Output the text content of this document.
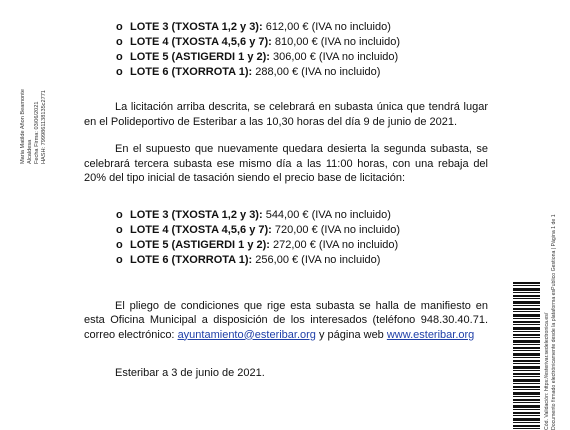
Maria Matilde Añon Beamonte Alcaldesa Fecha Firma: 03/06/2021 HASH: 7999861138135c2771
o LOTE 3 (TXOSTA 1,2 y 3): 612,00 € (IVA no incluido)
o LOTE 4 (TXOSTA 4,5,6 y 7): 810,00 € (IVA no incluido)
o LOTE 5 (ASTIGERDI 1 y 2): 306,00 € (IVA no incluido)
o LOTE 6 (TXORROTA 1): 288,00 € (IVA no incluido)

La licitación arriba descrita, se celebrará en subasta única que tendrá lugar en el Polideportivo de Esteribar a las 10,30 horas del día 9 de junio de 2021.

En el supuesto que nuevamente quedara desierta la segunda subasta, se celebrará tercera subasta ese mismo día a las 11:00 horas, con una rebaja del 20% del tipo inicial de tasación siendo el precio base de licitación:

o LOTE 3 (TXOSTA 1,2 y 3): 544,00 € (IVA no incluido)
o LOTE 4 (TXOSTA 4,5,6 y 7): 720,00 € (IVA no incluido)
o LOTE 5 (ASTIGERDI 1 y 2): 272,00 € (IVA no incluido)
o LOTE 6 (TXORROTA 1): 256,00 € (IVA no incluido)

El pliego de condiciones que rige esta subasta se halla de manifiesto en esta Oficina Municipal a disposición de los interesados (teléfono 948.30.40.71. correo electrónico: ayuntamiento@esteribar.org y página web www.esteribar.org

Esteribar a 3 de junio de 2021.	Cód. Validación: https://esterivar.sedelectronica.es/ Documento firmado electrónicamente desde la plataforma esPublico Gestiona | Página 1 de 1
